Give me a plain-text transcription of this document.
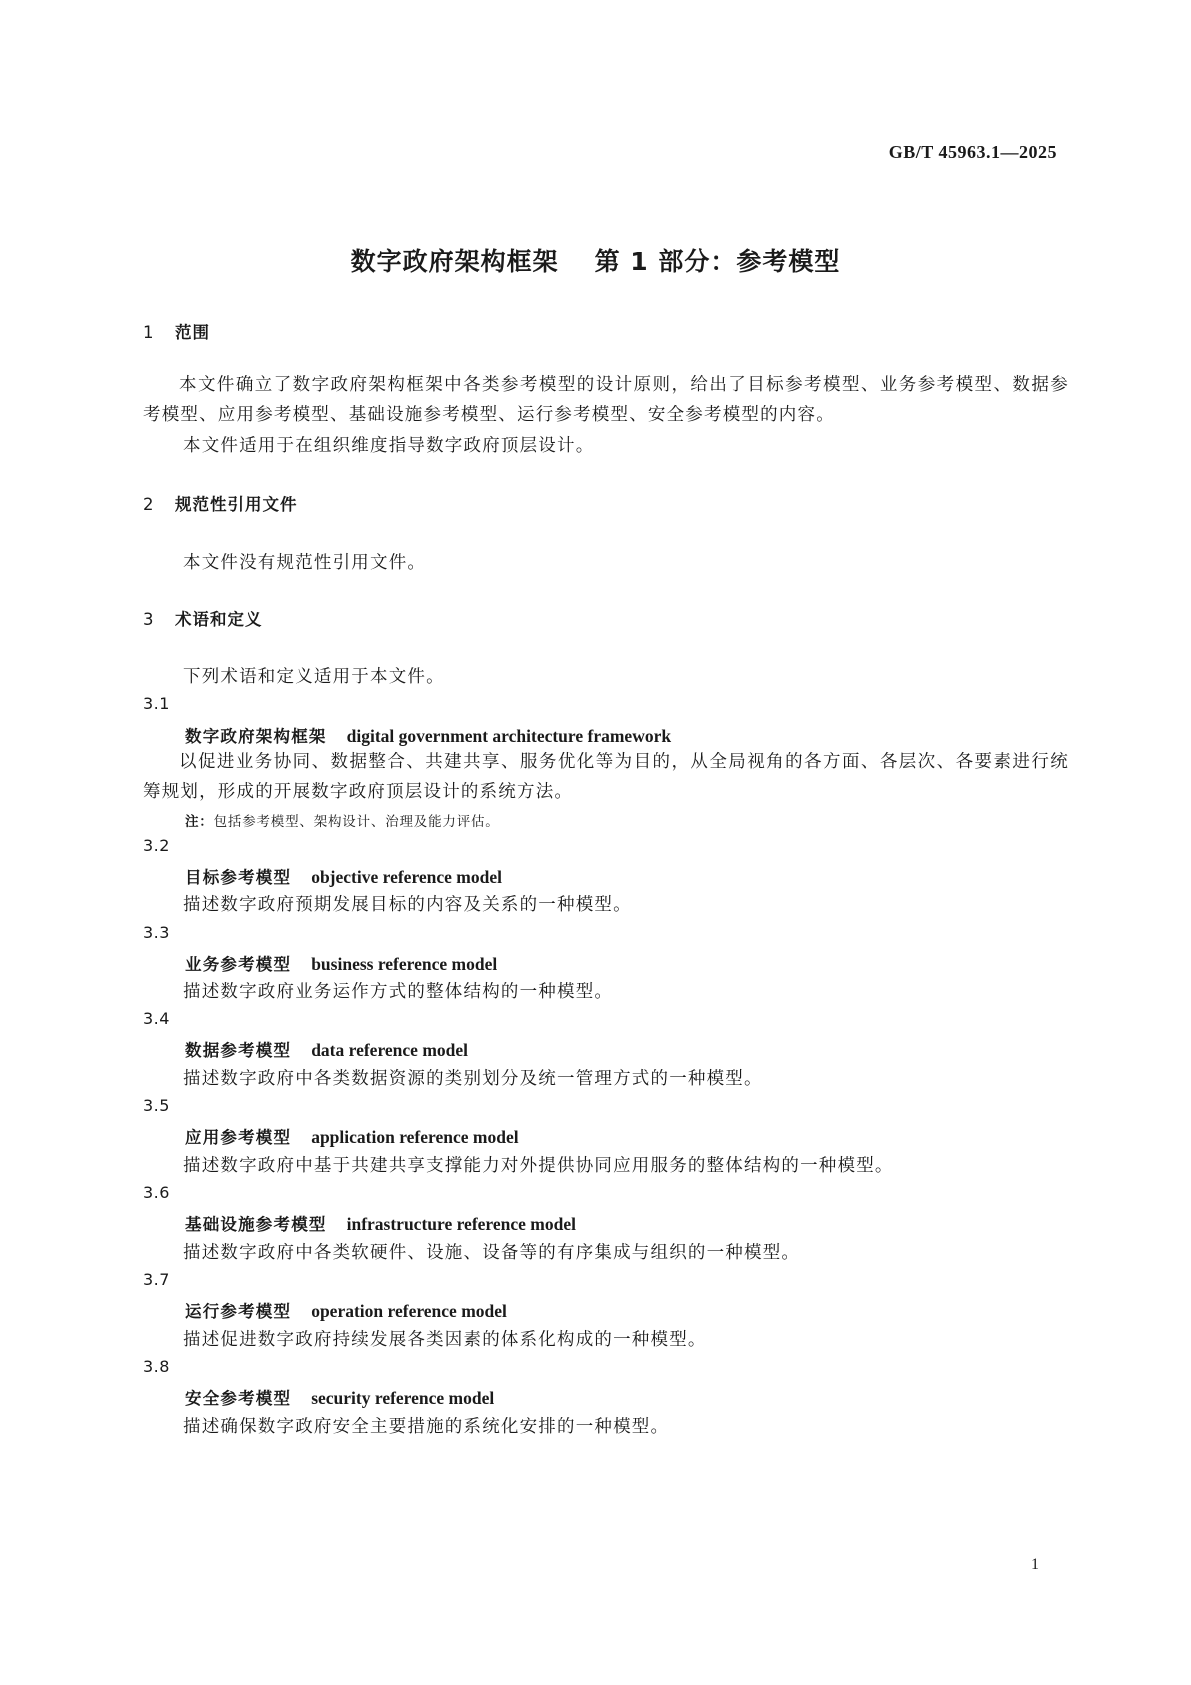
GB/T 45963.1—2025
数字政府架构框架 第 1 部分：参考模型
1 范围
本文件确立了数字政府架构框架中各类参考模型的设计原则，给出了目标参考模型、业务参考模型、数据参考模型、应用参考模型、基础设施参考模型、运行参考模型、安全参考模型的内容。
本文件适用于在组织维度指导数字政府顶层设计。
2 规范性引用文件
本文件没有规范性引用文件。
3 术语和定义
下列术语和定义适用于本文件。
3.1
数字政府架构框架 digital government architecture framework
以促进业务协同、数据整合、共建共享、服务优化等为目的，从全局视角的各方面、各层次、各要素进行统筹规划，形成的开展数字政府顶层设计的系统方法。
注：包括参考模型、架构设计、治理及能力评估。
3.2
目标参考模型 objective reference model
描述数字政府预期发展目标的内容及关系的一种模型。
3.3
业务参考模型 business reference model
描述数字政府业务运作方式的整体结构的一种模型。
3.4
数据参考模型 data reference model
描述数字政府中各类数据资源的类别划分及统一管理方式的一种模型。
3.5
应用参考模型 application reference model
描述数字政府中基于共建共享支撑能力对外提供协同应用服务的整体结构的一种模型。
3.6
基础设施参考模型 infrastructure reference model
描述数字政府中各类软硬件、设施、设备等的有序集成与组织的一种模型。
3.7
运行参考模型 operation reference model
描述促进数字政府持续发展各类因素的体系化构成的一种模型。
3.8
安全参考模型 security reference model
描述确保数字政府安全主要措施的系统化安排的一种模型。
1
